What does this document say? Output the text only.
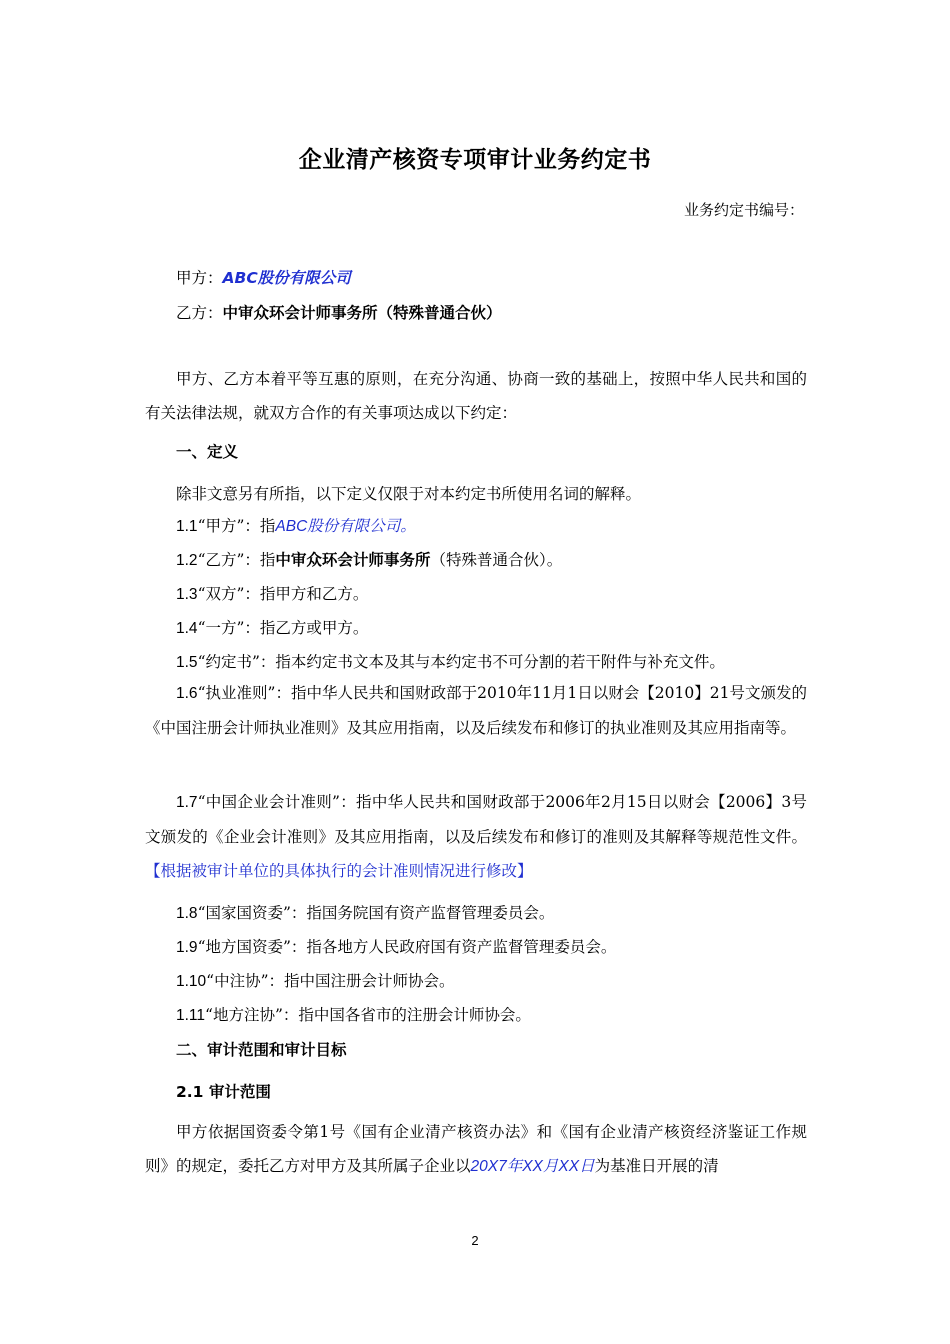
企业清产核资专项审计业务约定书
业务约定书编号：
甲方：ABC股份有限公司
乙方：中审众环会计师事务所（特殊普通合伙）
甲方、乙方本着平等互惠的原则，在充分沟通、协商一致的基础上，按照中华人民共和国的有关法律法规，就双方合作的有关事项达成以下约定：
一、定义
除非文意另有所指，以下定义仅限于对本约定书所使用名词的解释。
1.1“甲方”：指ABC股份有限公司。
1.2“乙方”：指中审众环会计师事务所（特殊普通合伙）。
1.3“双方”：指甲方和乙方。
1.4“一方”：指乙方或甲方。
1.5“约定书”：指本约定书文本及其与本约定书不可分割的若干附件与补充文件。
1.6“执业准则”：指中华人民共和国财政部于2010年11月1日以财会【2010】21号文颁发的《中国注册会计师执业准则》及其应用指南，以及后续发布和修订的执业准则及其应用指南等。
1.7“中国企业会计准则”：指中华人民共和国财政部于2006年2月15日以财会【2006】3号文颁发的《企业会计准则》及其应用指南，以及后续发布和修订的准则及其解释等规范性文件。【根据被审计单位的具体执行的会计准则情况进行修改】
1.8“国家国资委”：指国务院国有资产监督管理委员会。
1.9“地方国资委”：指各地方人民政府国有资产监督管理委员会。
1.10“中注协”：指中国注册会计师协会。
1.11“地方注协”：指中国各省市的注册会计师协会。
二、审计范围和审计目标
2.1 审计范围
甲方依据国资委令第1号《国有企业清产核资办法》和《国有企业清产核资经济鉴证工作规则》的规定，委托乙方对甲方及其所属子企业以20X7年XX月XX日为基准日开展的清
2
